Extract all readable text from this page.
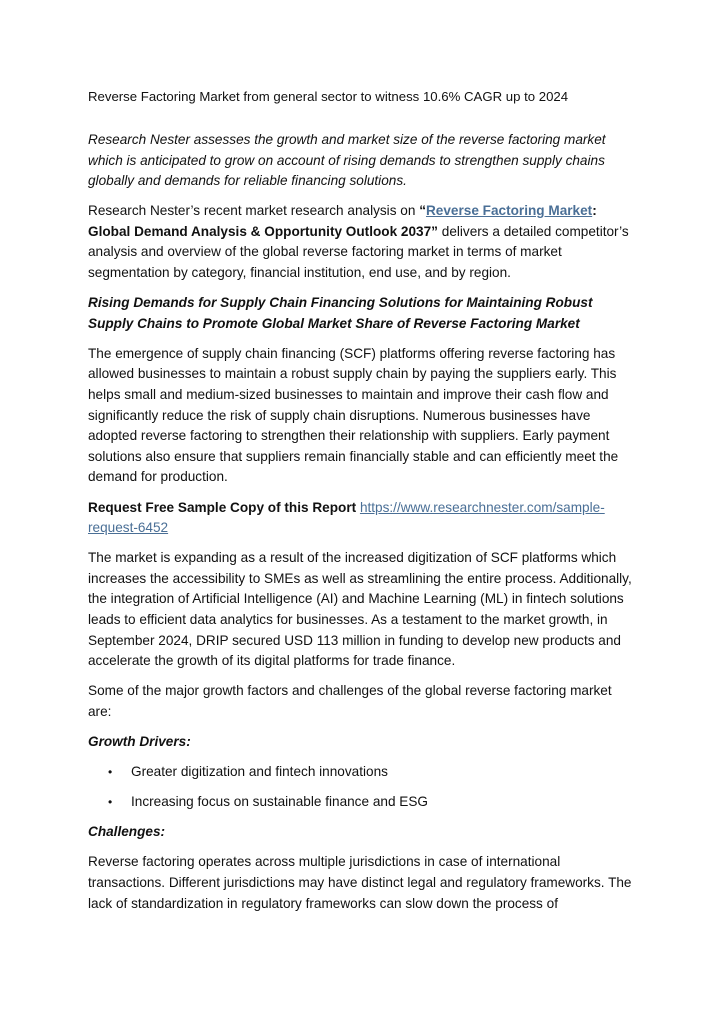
Reverse Factoring Market from general sector to witness 10.6% CAGR up to 2024

Research Nester assesses the growth and market size of the reverse factoring market which is anticipated to grow on account of rising demands to strengthen supply chains globally and demands for reliable financing solutions.

Research Nester’s recent market research analysis on “Reverse Factoring Market: Global Demand Analysis & Opportunity Outlook 2037” delivers a detailed competitor’s analysis and overview of the global reverse factoring market in terms of market segmentation by category, financial institution, end use, and by region.

Rising Demands for Supply Chain Financing Solutions for Maintaining Robust Supply Chains to Promote Global Market Share of Reverse Factoring Market

The emergence of supply chain financing (SCF) platforms offering reverse factoring has allowed businesses to maintain a robust supply chain by paying the suppliers early. This helps small and medium-sized businesses to maintain and improve their cash flow and significantly reduce the risk of supply chain disruptions. Numerous businesses have adopted reverse factoring to strengthen their relationship with suppliers. Early payment solutions also ensure that suppliers remain financially stable and can efficiently meet the demand for production.

Request Free Sample Copy of this Report https://www.researchnester.com/sample-request-6452

The market is expanding as a result of the increased digitization of SCF platforms which increases the accessibility to SMEs as well as streamlining the entire process. Additionally, the integration of Artificial Intelligence (AI) and Machine Learning (ML) in fintech solutions leads to efficient data analytics for businesses. As a testament to the market growth, in September 2024, DRIP secured USD 113 million in funding to develop new products and accelerate the growth of its digital platforms for trade finance.

Some of the major growth factors and challenges of the global reverse factoring market are:

Growth Drivers:

• Greater digitization and fintech innovations
• Increasing focus on sustainable finance and ESG

Challenges:

Reverse factoring operates across multiple jurisdictions in case of international transactions. Different jurisdictions may have distinct legal and regulatory frameworks. The lack of standardization in regulatory frameworks can slow down the process of
